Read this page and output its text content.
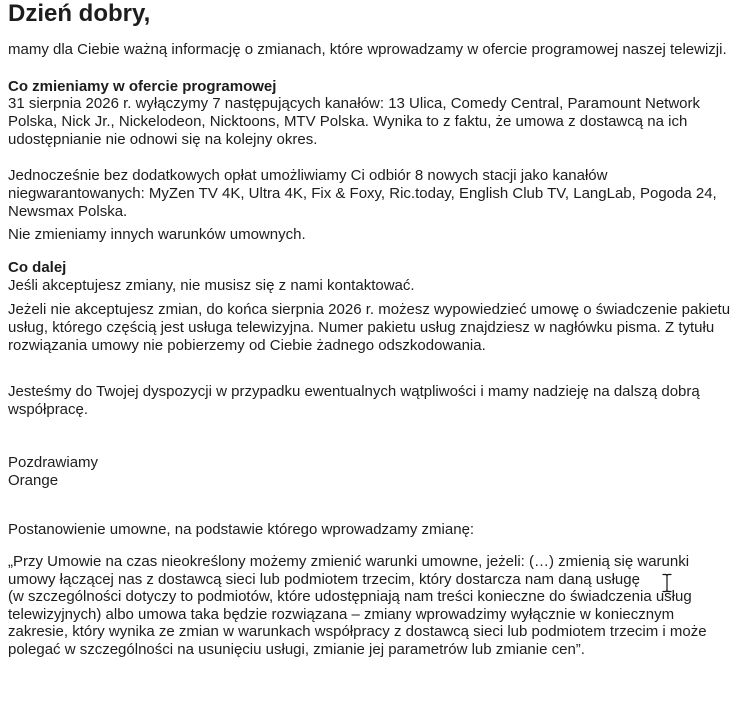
Dzień dobry,

mamy dla Ciebie ważną informację o zmianach, które wprowadzamy w ofercie programowej naszej telewizji.

Co zmieniamy w ofercie programowej

31 sierpnia 2026 r. wyłączymy 7 następujących kanałów: 13 Ulica, Comedy Central, Paramount Network
Polska, Nick Jr., Nickelodeon, Nicktoons, MTV Polska. Wynika to z faktu, że umowa z dostawcą na ich
udostępnianie nie odnowi się na kolejny okres.
Jednocześnie bez dodatkowych opłat umożliwiamy Ci odbiór 8 nowych stacji jako kanałów
niegwarantowanych: MyZen TV 4K, Ultra 4K, Fix & Foxy, Ric.today, English Club TV, LangLab, Pogoda 24,
Newsmax Polska.

Nie zmieniamy innych warunków umownych.

Co dalej

Jeśli akceptujesz zmiany, nie musisz się z nami kontaktować.

Jeżeli nie akceptujesz zmian, do końca sierpnia 2026 r. możesz wypowiedzieć umowę o świadczenie pakietu
usług, którego częścią jest usługa telewizyjna. Numer pakietu usług znajdziesz w nagłówku pisma. Z tytułu
rozwiązania umowy nie pobierzemy od Ciebie żadnego odszkodowania.
Jesteśmy do Twojej dyspozycji w przypadku ewentualnych wątpliwości i mamy nadzieję na dalszą dobrą
współpracę.
Pozdrawiamy
Orange

Postanowienie umowne, na podstawie którego wprowadzamy zmianę:

„Przy Umowie na czas nieokreślony możemy zmienić warunki umowne, jeżeli: (…) zmienią się warunki
umowy łączącej nas z dostawcą sieci lub podmiotem trzecim, który dostarcza nam daną usługę
(w szczególności dotyczy to podmiotów, które udostępniają nam treści konieczne do świadczenia usług
telewizyjnych) albo umowa taka będzie rozwiązana – zmiany wprowadzimy wyłącznie w koniecznym
zakresie, który wynika ze zmian w warunkach współpracy z dostawcą sieci lub podmiotem trzecim i może
polegać w szczególności na usunięciu usługi, zmianie jej parametrów lub zmianie cen”.
